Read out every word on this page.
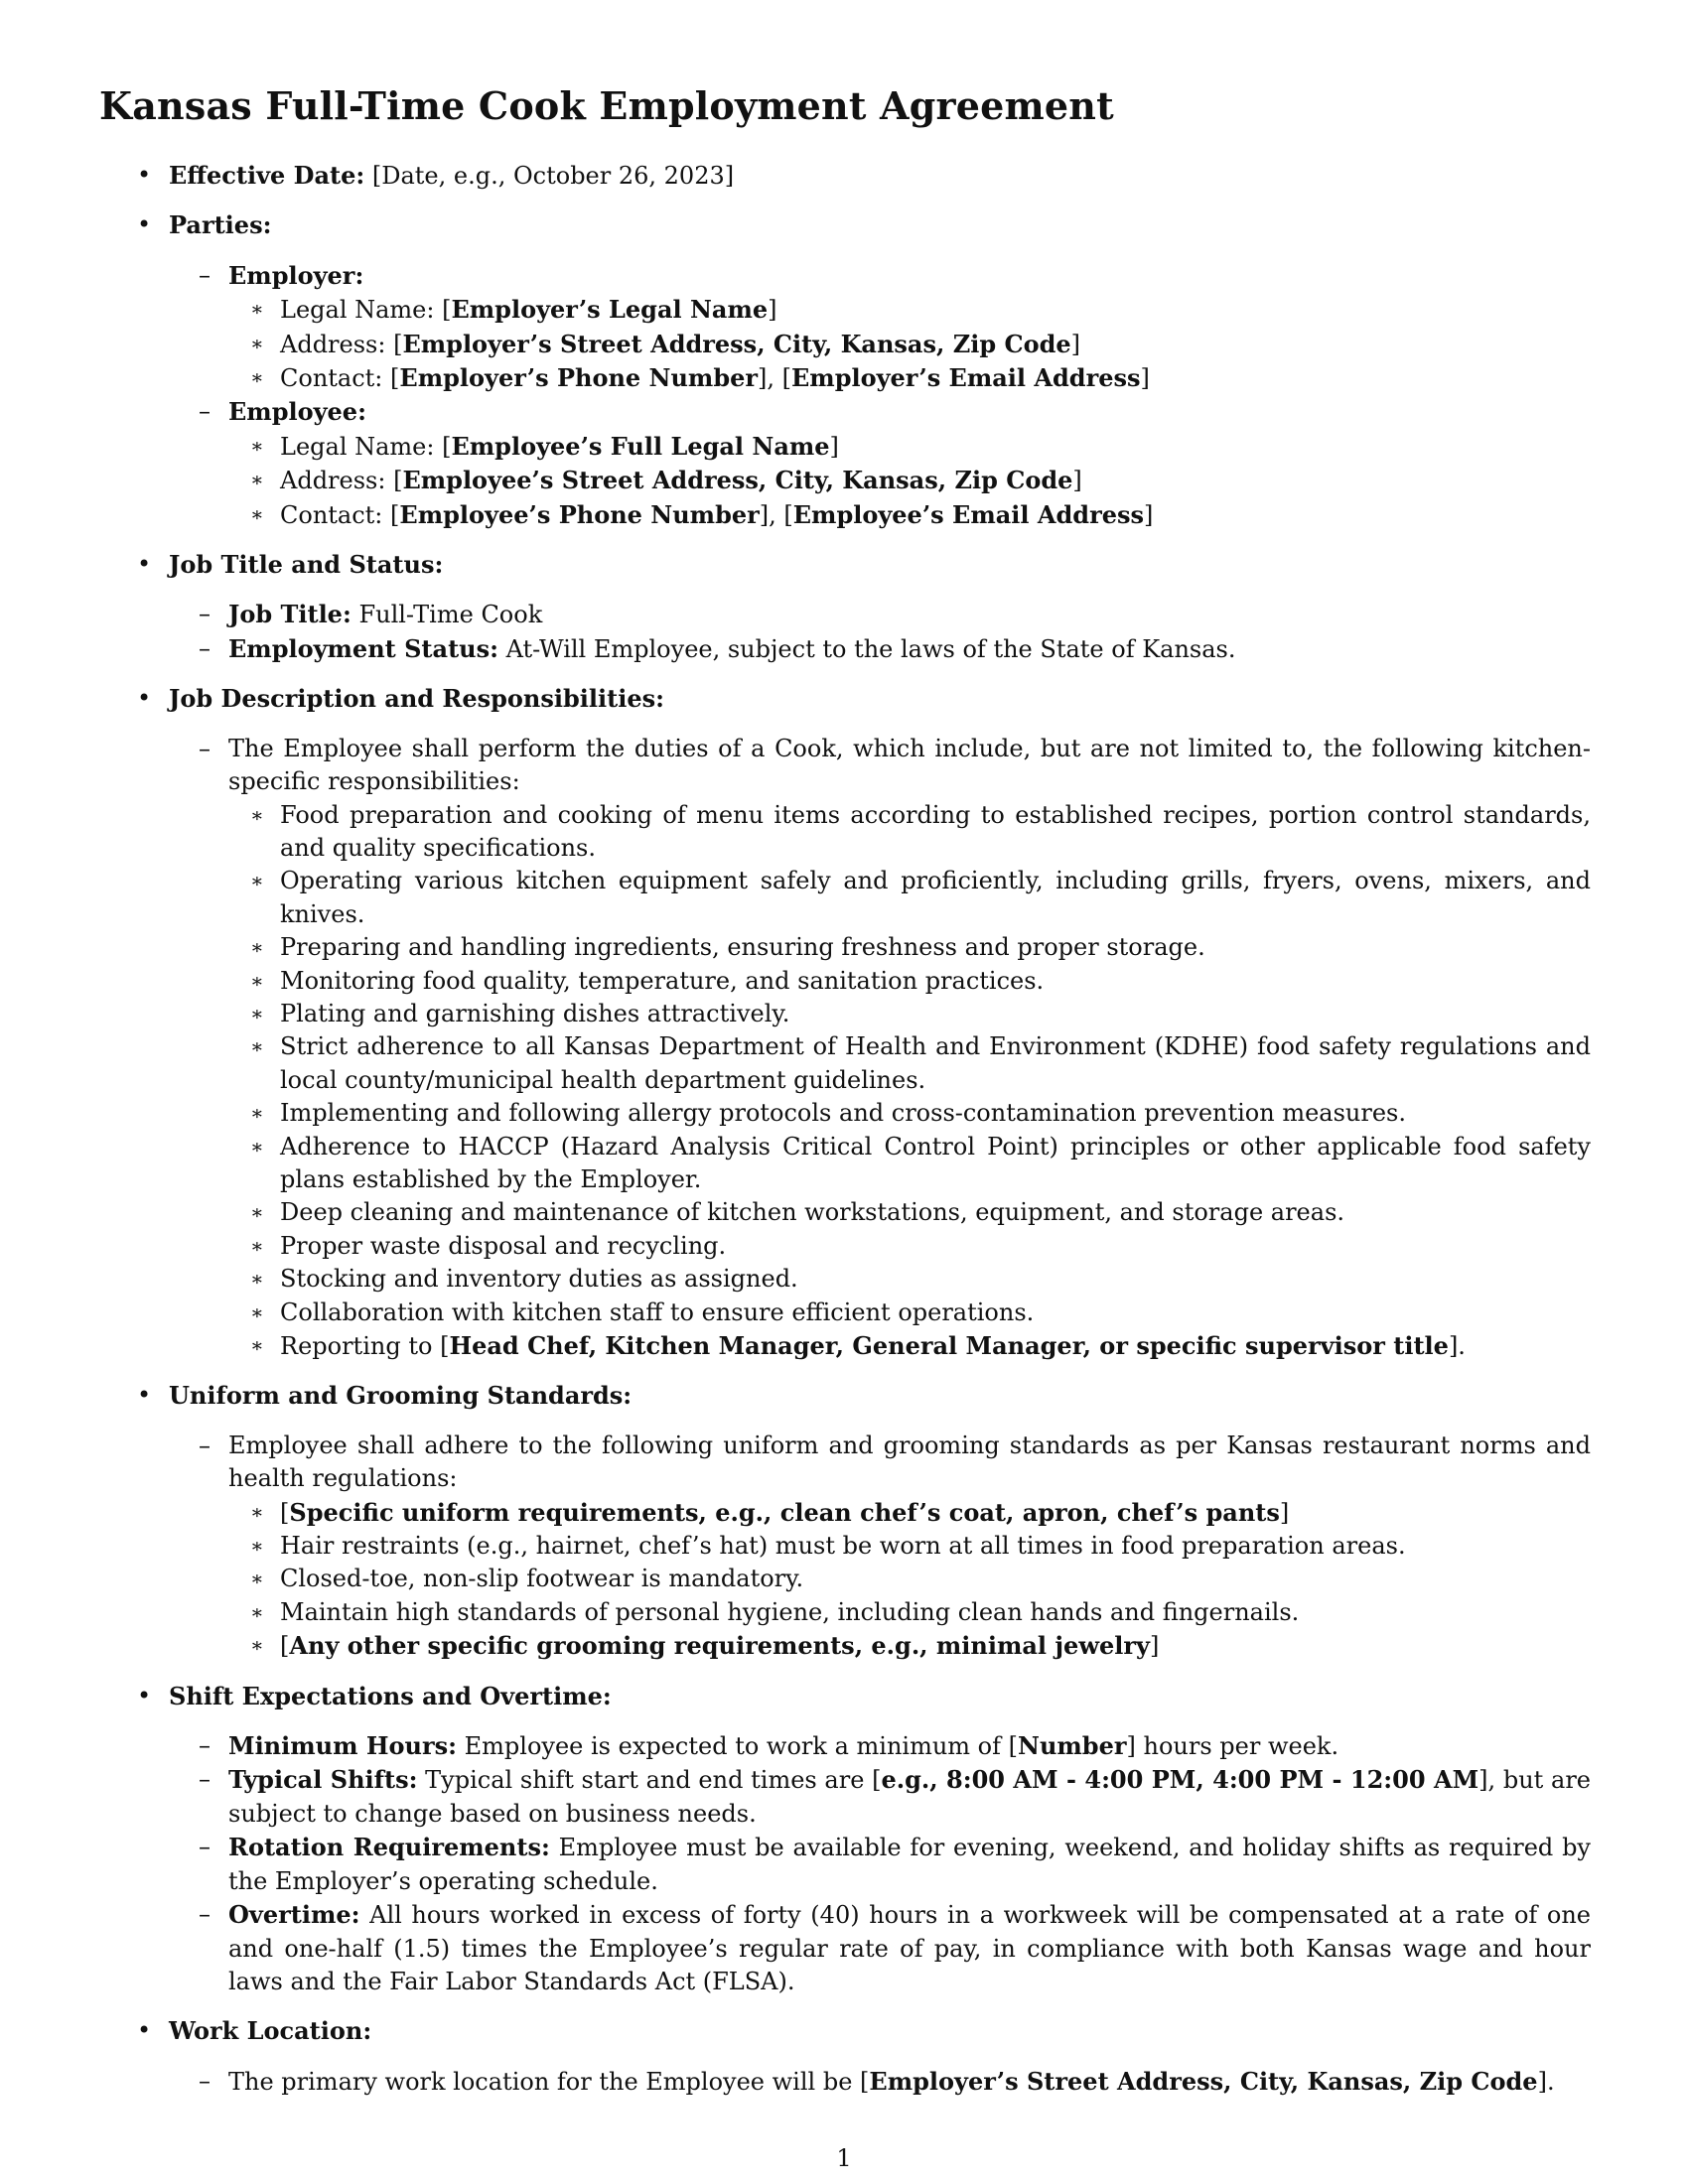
Kansas Full-Time Cook Employment Agreement
• Effective Date: [Date, e.g., October 26, 2023]
• Parties:
– Employer:
∗ Legal Name: [Employer’s Legal Name]
∗ Address: [Employer’s Street Address, City, Kansas, Zip Code]
∗ Contact: [Employer’s Phone Number], [Employer’s Email Address]
– Employee:
∗ Legal Name: [Employee’s Full Legal Name]
∗ Address: [Employee’s Street Address, City, Kansas, Zip Code]
∗ Contact: [Employee’s Phone Number], [Employee’s Email Address]
• Job Title and Status:
– Job Title: Full-Time Cook
– Employment Status: At-Will Employee, subject to the laws of the State of Kansas.
• Job Description and Responsibilities:
– The Employee shall perform the duties of a Cook, which include, but are not limited to, the following kitchen-specific responsibilities:
∗ Food preparation and cooking of menu items according to established recipes, portion control standards, and quality specifications.
∗ Operating various kitchen equipment safely and proficiently, including grills, fryers, ovens, mixers, and knives.
∗ Preparing and handling ingredients, ensuring freshness and proper storage.
∗ Monitoring food quality, temperature, and sanitation practices.
∗ Plating and garnishing dishes attractively.
∗ Strict adherence to all Kansas Department of Health and Environment (KDHE) food safety regulations and local county/municipal health department guidelines.
∗ Implementing and following allergy protocols and cross-contamination prevention measures.
∗ Adherence to HACCP (Hazard Analysis Critical Control Point) principles or other applicable food safety plans established by the Employer.
∗ Deep cleaning and maintenance of kitchen workstations, equipment, and storage areas.
∗ Proper waste disposal and recycling.
∗ Stocking and inventory duties as assigned.
∗ Collaboration with kitchen staff to ensure efficient operations.
∗ Reporting to [Head Chef, Kitchen Manager, General Manager, or specific supervisor title].
• Uniform and Grooming Standards:
– Employee shall adhere to the following uniform and grooming standards as per Kansas restaurant norms and health regulations:
∗ [Specific uniform requirements, e.g., clean chef’s coat, apron, chef’s pants]
∗ Hair restraints (e.g., hairnet, chef’s hat) must be worn at all times in food preparation areas.
∗ Closed-toe, non-slip footwear is mandatory.
∗ Maintain high standards of personal hygiene, including clean hands and fingernails.
∗ [Any other specific grooming requirements, e.g., minimal jewelry]
• Shift Expectations and Overtime:
– Minimum Hours: Employee is expected to work a minimum of [Number] hours per week.
– Typical Shifts: Typical shift start and end times are [e.g., 8:00 AM - 4:00 PM, 4:00 PM - 12:00 AM], but are subject to change based on business needs.
– Rotation Requirements: Employee must be available for evening, weekend, and holiday shifts as required by the Employer’s operating schedule.
– Overtime: All hours worked in excess of forty (40) hours in a workweek will be compensated at a rate of one and one-half (1.5) times the Employee’s regular rate of pay, in compliance with both Kansas wage and hour laws and the Fair Labor Standards Act (FLSA).
• Work Location:
– The primary work location for the Employee will be [Employer’s Street Address, City, Kansas, Zip Code].
1
